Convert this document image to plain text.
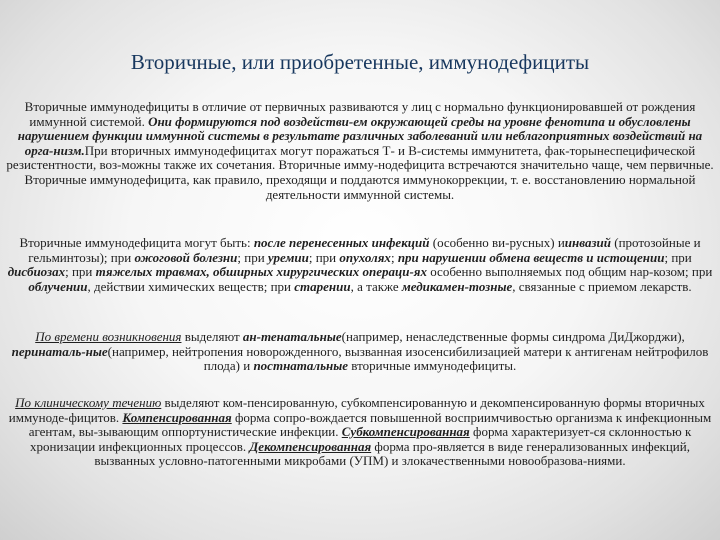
Вторичные, или приобретенные, иммунодефициты
Вторичные иммунодефициты в отличие от первичных развиваются у лиц с нормально функционировавшей от рождения иммунной системой. Они формируются под воздействи-ем окружающей среды на уровне фенотипа и обусловлены нарушением функции иммунной системы в результате различных заболеваний или неблагоприятных воздействий на орга-низм.При вторичных иммунодефицитах могут поражаться Т- и В-системы иммунитета, фак-торынеспецифической резистентности, воз-можны также их сочетания. Вторичные имму-нодефицита встречаются значительно чаще, чем первичные. Вторичные иммунодефицита, как правило, преходящи и поддаются иммунокоррекции, т. е. восстановлению нормальной деятельности иммунной системы.
Вторичные иммунодефицита могут быть: после перенесенных инфекций (особенно ви-русных) иинвазий (протозойные и гельминтозы); при ожоговой болезни; при уремии; при опухолях; при нарушении обмена веществ и истощении; при дисбиозах; при тяжелых травмах, обширных хирургических операци-ях особенно выполняемых под общим нар-козом; при облучении, действии химических веществ; при старении, а также медикамен-тозные, связанные с приемом лекарств.
По времени возникновения выделяют ан-тенатальные(например, ненаследственные формы синдрома ДиДжорджи), перинаталь-ные(например, нейтропения новорожденного, вызванная изосенсибилизацией матери к антигенам нейтрофилов плода) и постнатальные вторичные иммунодефициты.
По клиническому течению выделяют ком-пенсированную, субкомпенсированную и декомпенсированную формы вторичных иммуноде-фицитов. Компенсированная форма сопро-вождается повышенной восприимчивостью организма к инфекционным агентам, вы-зывающим оппортунистические инфекции. Субкомпенсированная форма характеризует-ся склонностью к хронизации инфекционных процессов. Декомпенсированная форма про-является в виде генерализованных инфекций, вызванных условно-патогенными микробами (УПМ) и злокачественными новообразова-ниями.
